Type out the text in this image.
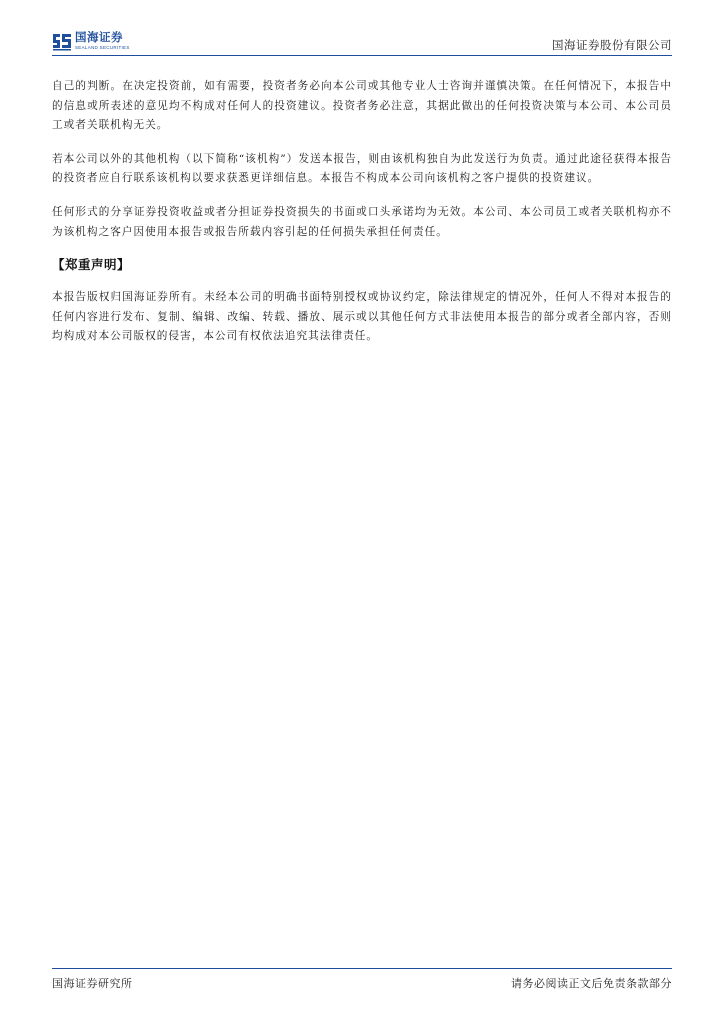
国海证券
SEALAND SECURITIES	国海证券股份有限公司

自己的判断。在决定投资前，如有需要，投资者务必向本公司或其他专业人士咨询并谨慎决策。在任何情况下，本报告中的信息或所表述的意见均不构成对任何人的投资建议。投资者务必注意，其据此做出的任何投资决策与本公司、本公司员工或者关联机构无关。

若本公司以外的其他机构（以下简称“该机构”）发送本报告，则由该机构独自为此发送行为负责。通过此途径获得本报告的投资者应自行联系该机构以要求获悉更详细信息。本报告不构成本公司向该机构之客户提供的投资建议。

任何形式的分享证券投资收益或者分担证券投资损失的书面或口头承诺均为无效。本公司、本公司员工或者关联机构亦不为该机构之客户因使用本报告或报告所载内容引起的任何损失承担任何责任。

【郑重声明】

本报告版权归国海证券所有。未经本公司的明确书面特别授权或协议约定，除法律规定的情况外，任何人不得对本报告的任何内容进行发布、复制、编辑、改编、转载、播放、展示或以其他任何方式非法使用本报告的部分或者全部内容，否则均构成对本公司版权的侵害，本公司有权依法追究其法律责任。

国海证券研究所	请务必阅读正文后免责条款部分
